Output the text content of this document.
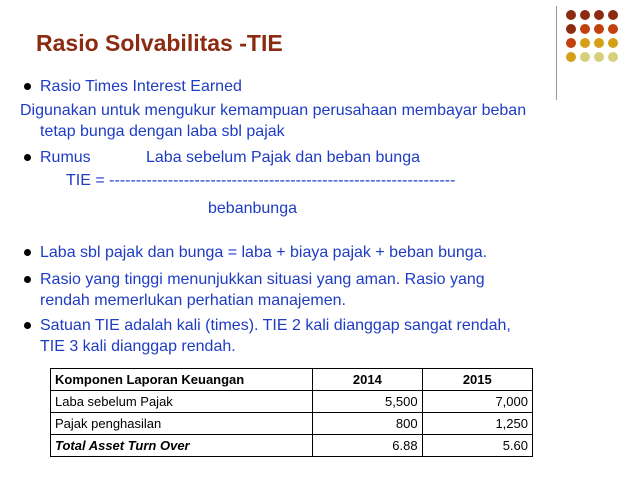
Rasio Solvabilitas -TIE
Rasio Times Interest Earned
Digunakan untuk mengukur kemampuan perusahaan membayar beban
tetap bunga dengan laba sbl pajak
Rumus	Laba sebelum Pajak dan beban bunga
TIE = -----------------------------------------------------------------
bebanbunga
Laba sbl pajak dan bunga = laba + biaya pajak + beban bunga.
Rasio yang tinggi menunjukkan situasi yang aman. Rasio yang
rendah memerlukan perhatian manajemen.
Satuan TIE adalah kali (times). TIE 2 kali dianggap sangat rendah,
TIE 3 kali dianggap rendah.
Komponen Laporan Keuangan	2014	2015
Laba sebelum Pajak	5,500	7,000
Pajak penghasilan	800	1,250
Total Asset Turn Over	6.88	5.60
